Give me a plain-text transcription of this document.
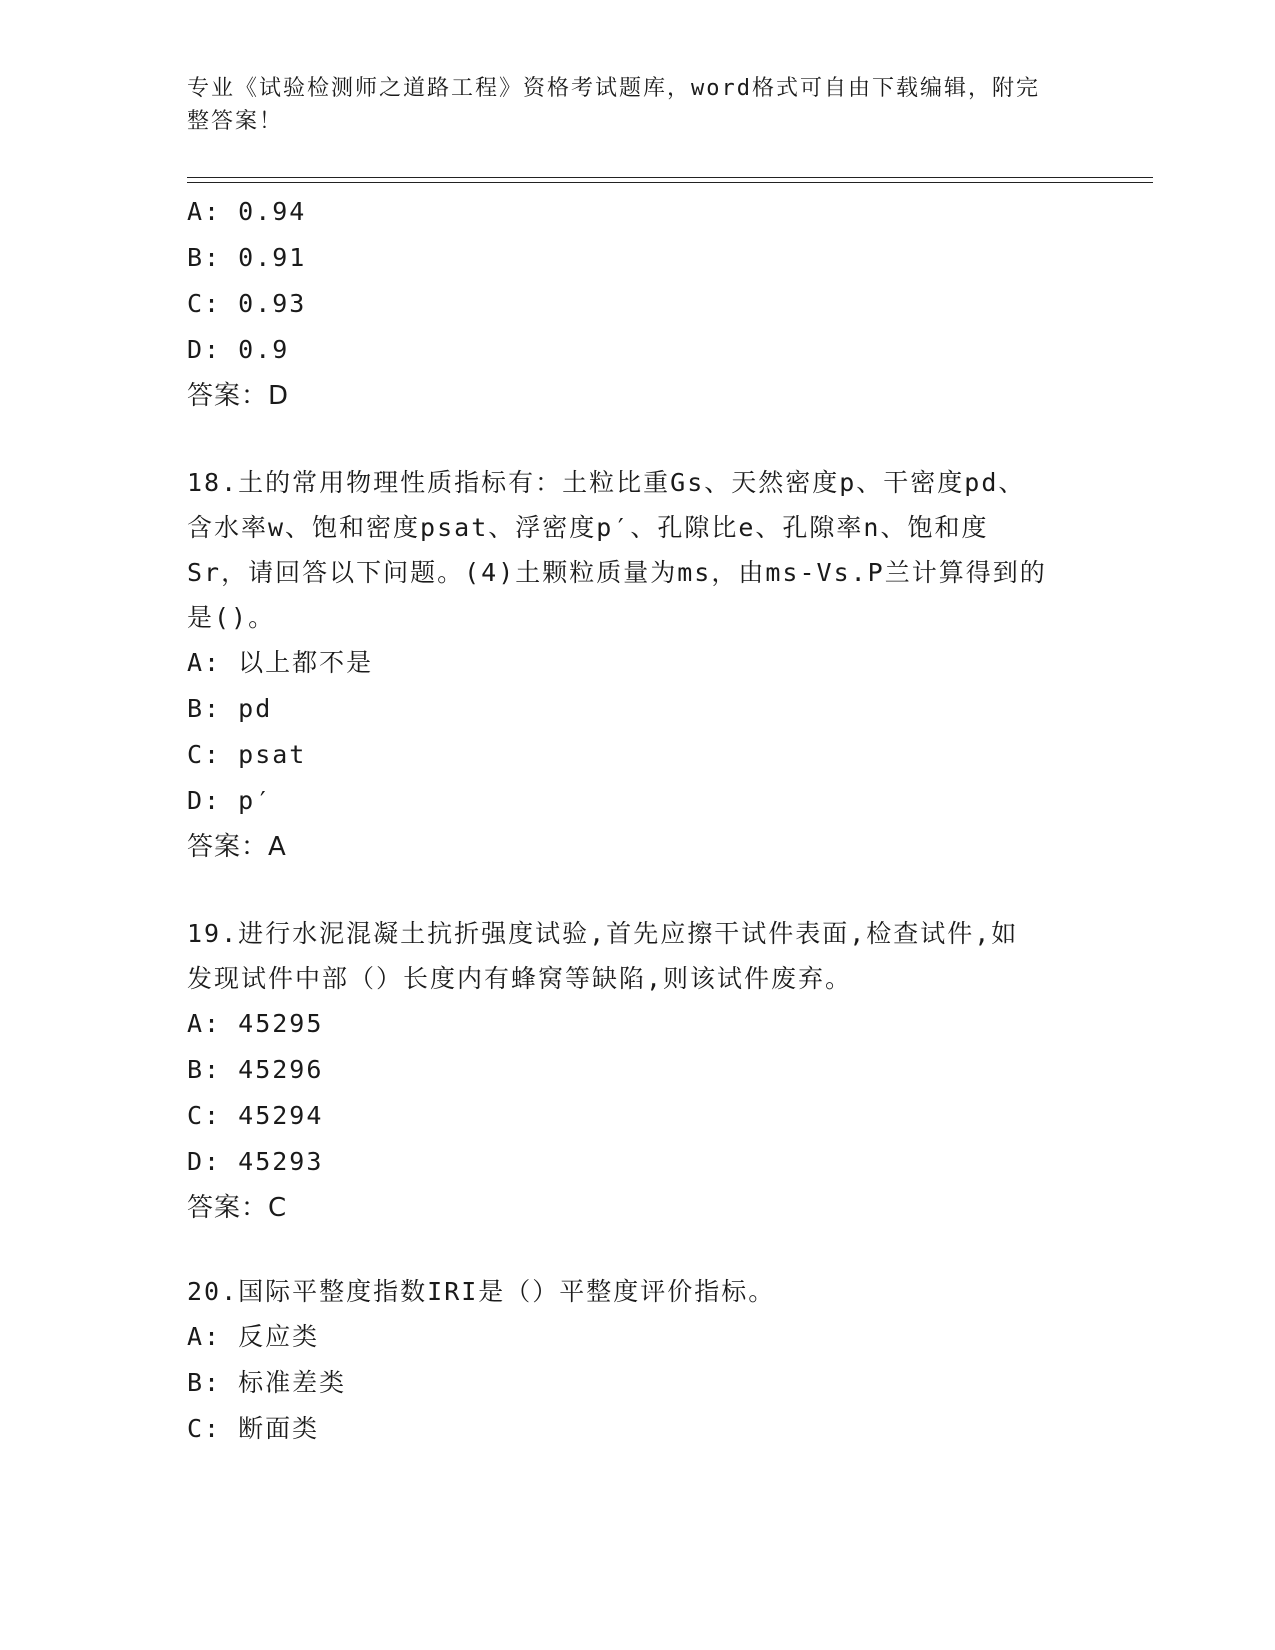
专业《试验检测师之道路工程》资格考试题库，word格式可自由下载编辑，附完
整答案！
A: 0.94
B: 0.91
C: 0.93
D: 0.9
答案：D
18.土的常用物理性质指标有：土粒比重Gs、天然密度p、干密度pd、
含水率w、饱和密度psat、浮密度p′、孔隙比e、孔隙率n、饱和度
Sr，请回答以下问题。(4)土颗粒质量为ms，由ms-Vs.P兰计算得到的
是()。
A: 以上都不是
B: pd
C: psat
D: p′
答案：A
19.进行水泥混凝土抗折强度试验,首先应擦干试件表面,检查试件,如
发现试件中部（）长度内有蜂窝等缺陷,则该试件废弃。
A: 45295
B: 45296
C: 45294
D: 45293
答案：C
20.国际平整度指数IRI是（）平整度评价指标。
A: 反应类
B: 标准差类
C: 断面类
